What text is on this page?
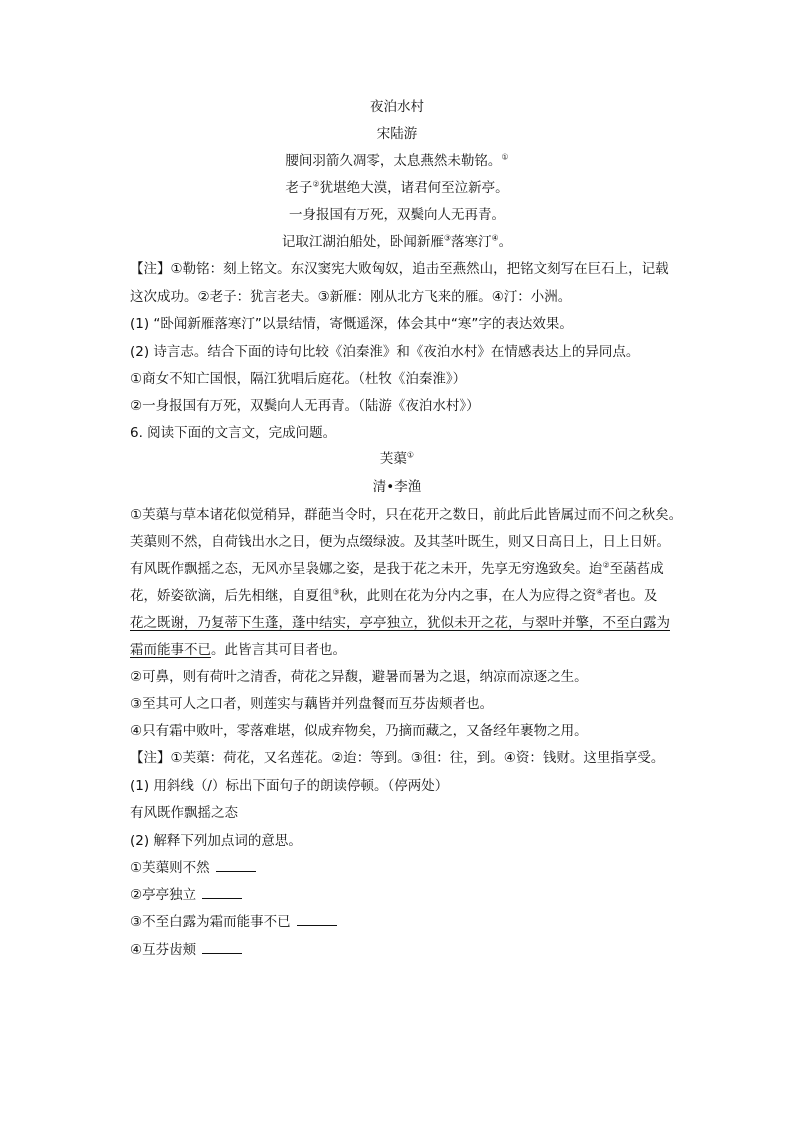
夜泊水村
宋陆游
腰间羽箭久凋零，太息燕然未勒铭。①
老子②犹堪绝大漠，诸君何至泣新亭。
一身报国有万死，双鬓向人无再青。
记取江湖泊船处，卧闻新雁③落寒汀④。
【注】①勒铭：刻上铭文。东汉窦宪大败匈奴，追击至燕然山，把铭文刻写在巨石上，记载
这次成功。②老子：犹言老夫。③新雁：刚从北方飞来的雁。④汀：小洲。
(1) “卧闻新雁落寒汀”以景结情，寄慨遥深，体会其中“寒”字的表达效果。
(2) 诗言志。结合下面的诗句比较《泊秦淮》和《夜泊水村》在情感表达上的异同点。
①商女不知亡国恨，隔江犹唱后庭花。（杜牧《泊秦淮》）
②一身报国有万死，双鬓向人无再青。（陆游《夜泊水村》）
6. 阅读下面的文言文，完成问题。
芙蕖①
清•李渔
①芙蕖与草本诸花似觉稍异，群葩当令时，只在花开之数日，前此后此皆属过而不问之秋矣。
芙蕖则不然，自荷钱出水之日，便为点缀绿波。及其茎叶既生，则又日高日上，日上日妍。
有风既作飘摇之态，无风亦呈袅娜之姿，是我于花之未开，先享无穷逸致矣。迨②至菡萏成
花，娇姿欲滴，后先相继，自夏徂③秋，此则在花为分内之事，在人为应得之资④者也。及
花之既谢，乃复蒂下生蓬，蓬中结实，亭亭独立，犹似未开之花，与翠叶并擎，不至白露为
霜而能事不已。此皆言其可目者也。
②可鼻，则有荷叶之清香，荷花之异馥，避暑而暑为之退，纳凉而凉逐之生。
③至其可人之口者，则莲实与藕皆并列盘餐而互芬齿颊者也。
④只有霜中败叶，零落难堪，似成弃物矣，乃摘而藏之，又备经年裹物之用。
【注】①芙蕖：荷花，又名莲花。②迨：等到。③徂：往，到。④资：钱财。这里指享受。
(1) 用斜线（/）标出下面句子的朗读停顿。（停两处）
有风既作飘摇之态
(2) 解释下列加点词的意思。
①芙蕖则不然
②亭亭独立
③不至白露为霜而能事不已
④互芬齿颊
